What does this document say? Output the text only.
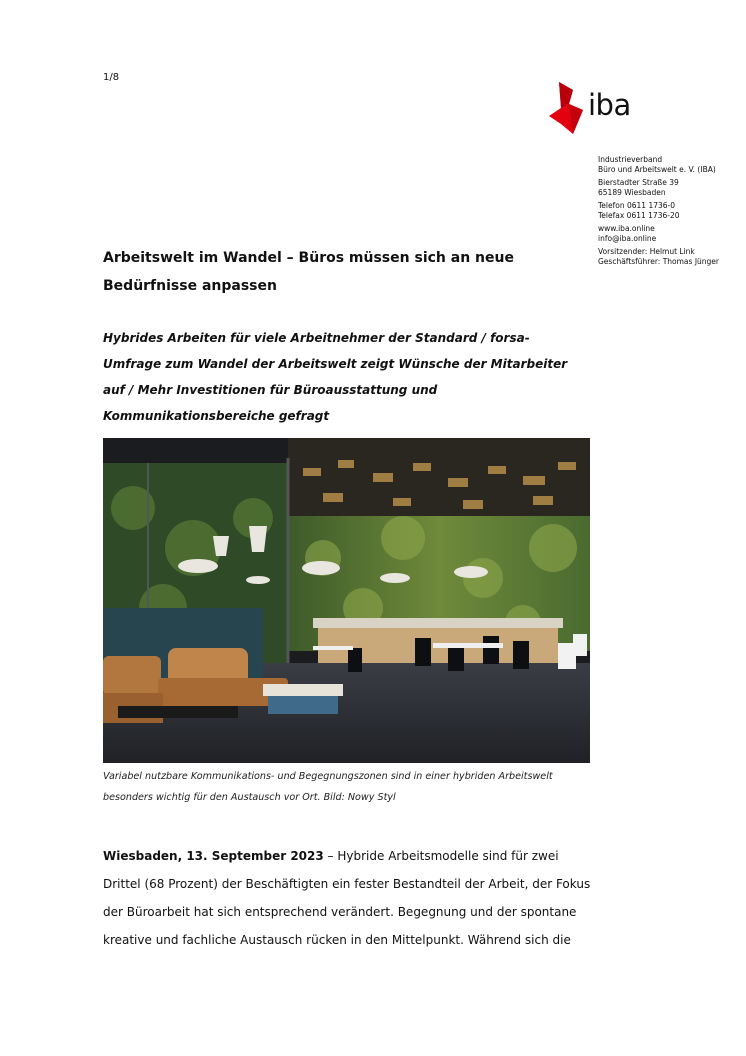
1/8
iba
Industrieverband
Büro und Arbeitswelt e. V. (IBA)
Bierstadter Straße 39
65189 Wiesbaden
Telefon 0611 1736-0
Telefax 0611 1736-20
www.iba.online
info@iba.online
Vorsitzender: Helmut Link
Geschäftsführer: Thomas Jünger
Arbeitswelt im Wandel – Büros müssen sich an neue Bedürfnisse anpassen
Hybrides Arbeiten für viele Arbeitnehmer der Standard / forsa-Umfrage zum Wandel der Arbeitswelt zeigt Wünsche der Mitarbeiter auf / Mehr Investitionen für Büroausstattung und Kommunikationsbereiche gefragt
Variabel nutzbare Kommunikations- und Begegnungszonen sind in einer hybriden Arbeitswelt besonders wichtig für den Austausch vor Ort. Bild: Nowy Styl
Wiesbaden, 13. September 2023 – Hybride Arbeitsmodelle sind für zwei Drittel (68 Prozent) der Beschäftigten ein fester Bestandteil der Arbeit, der Fokus der Büroarbeit hat sich entsprechend verändert. Begegnung und der spontane kreative und fachliche Austausch rücken in den Mittelpunkt. Während sich die
